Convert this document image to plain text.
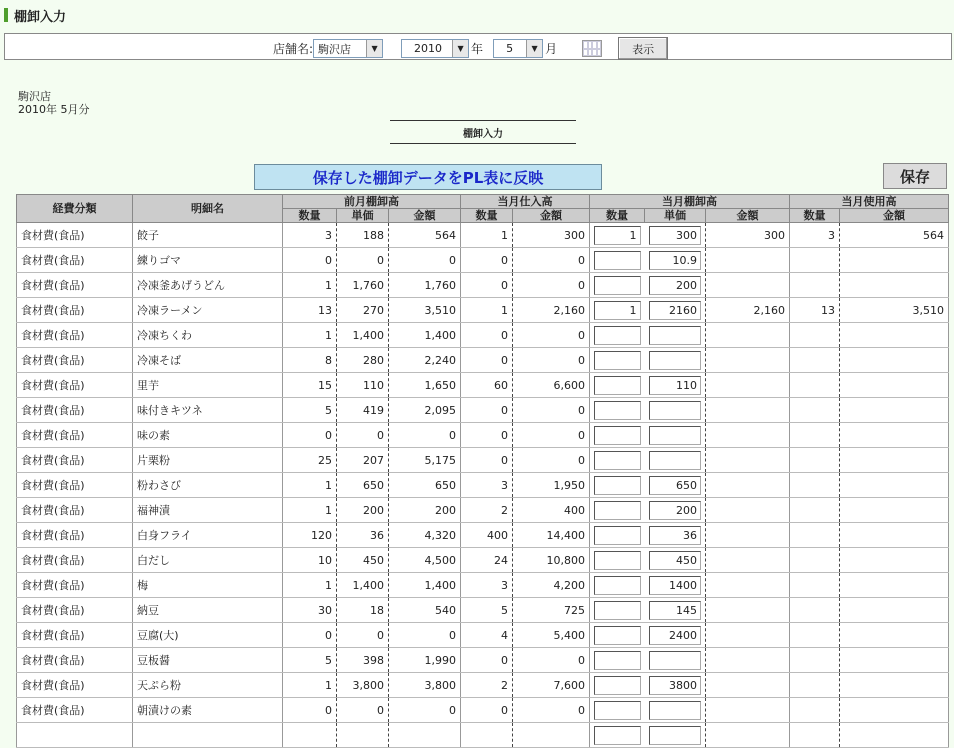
棚卸入力
店舗名: 駒沢店	▼	2010	▼ 年	5	▼ 月	表示
駒沢店
2010年 5月分
棚卸入力
保存した棚卸データをPL表に反映	保存
経費分類	明細名	前月棚卸高			当月仕入高		当月棚卸高			当月使用高	
		数量	単価	金額	数量	金額	数量	単価	金額	数量	金額
食材費(食品)	餃子	3	188	564	1	300	1	300	300	3	564
食材費(食品)	練りゴマ	0	0	0	0	0		10.9			

食材費(食品)	冷凍釜あげうどん	1	1,760	1,760	0	0		200			

食材費(食品)	冷凍ラーメン	13	270	3,510	1	2,160	1	2160	2,160	13	3,510
食材費(食品)	冷凍ちくわ	1	1,400	1,400	0	0	

食材費(食品)	冷凍そば	8	280	2,240	0	0	

食材費(食品)	里芋	15	110	1,650	60	6,600		110			

食材費(食品)	味付きキツネ	5	419	2,095	0	0	

食材費(食品)	味の素	0	0	0	0	0	

食材費(食品)	片栗粉	25	207	5,175	0	0	

食材費(食品)	粉わさび	1	650	650	3	1,950		650			

食材費(食品)	福神漬	1	200	200	2	400		200			

食材費(食品)	白身フライ	120	36	4,320	400	14,400		36			

食材費(食品)	白だし	10	450	4,500	24	10,800		450			

食材費(食品)	梅	1	1,400	1,400	3	4,200		1400			

食材費(食品)	納豆	30	18	540	5	725		145			

食材費(食品)	豆腐(大)	0	0	0	4	5,400		2400			

食材費(食品)	豆板醤	5	398	1,990	0	0	

食材費(食品)	天ぷら粉	1	3,800	3,800	2	7,600		3800			

食材費(食品)	朝漬けの素	0	0	0	0	0	
